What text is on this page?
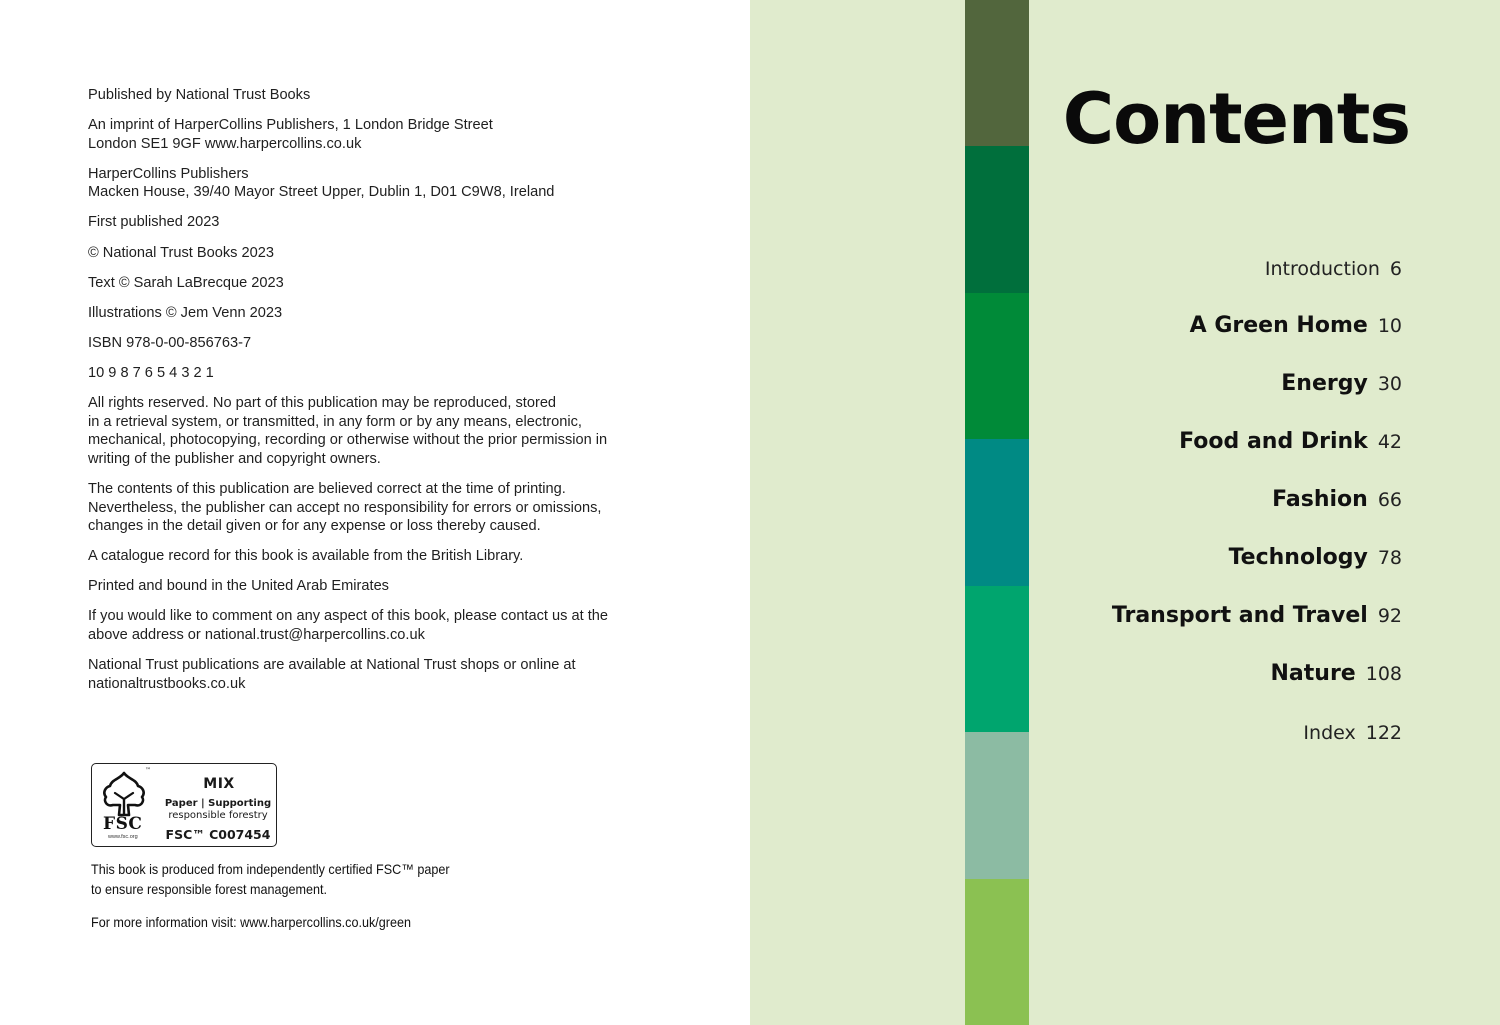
Published by National Trust Books

An imprint of HarperCollins Publishers, 1 London Bridge Street
London SE1 9GF www.harpercollins.co.uk

HarperCollins Publishers
Macken House, 39/40 Mayor Street Upper, Dublin 1, D01 C9W8, Ireland

First published 2023

© National Trust Books 2023

Text © Sarah LaBrecque 2023

Illustrations © Jem Venn 2023

ISBN 978-0-00-856763-7

10 9 8 7 6 5 4 3 2 1

All rights reserved. No part of this publication may be reproduced, stored
in a retrieval system, or transmitted, in any form or by any means, electronic,
mechanical, photocopying, recording or otherwise without the prior permission in
writing of the publisher and copyright owners.

The contents of this publication are believed correct at the time of printing.
Nevertheless, the publisher can accept no responsibility for errors or omissions,
changes in the detail given or for any expense or loss thereby caused.

A catalogue record for this book is available from the British Library.

Printed and bound in the United Arab Emirates

If you would like to comment on any aspect of this book, please contact us at the
above address or national.trust@harpercollins.co.uk

National Trust publications are available at National Trust shops or online at
nationaltrustbooks.co.uk

™
FSC
www.fsc.org
MIX
Paper | Supporting
responsible forestry
FSC™ C007454

This book is produced from independently certified FSC™ paper
to ensure responsible forest management.

For more information visit: www.harpercollins.co.uk/green

Contents
Introduction 6
A Green Home 10
Energy 30
Food and Drink 42
Fashion 66
Technology 78
Transport and Travel 92
Nature 108
Index 122
